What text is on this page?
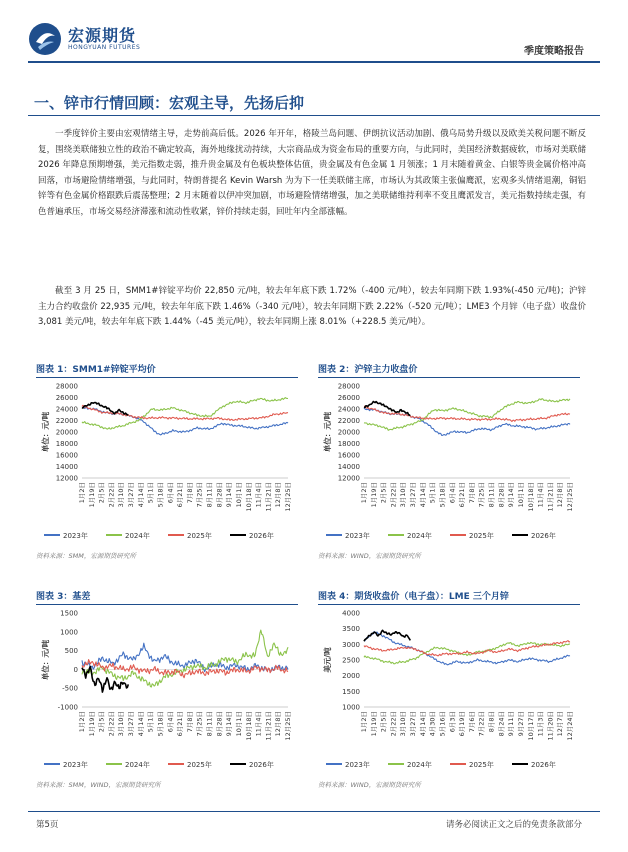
宏源期货
HONGYUAN FUTURES	季度策略报告
一、锌市行情回顾：宏观主导，先扬后抑
一季度锌价主要由宏观情绪主导，走势前高后低。2026 年开年，格陵兰岛问题、伊朗抗议活动加剧、俄乌局势升级以及欧美关税问题不断反复，围绕美联储独立性的政治不确定较高，海外地缘扰动持续，大宗商品成为资金布局的重要方向，与此同时，美国经济数据疲软，市场对美联储 2026 年降息预期增强，美元指数走弱，推升贵金属及有色板块整体估值，贵金属及有色金属 1 月领涨；1 月末随着黄金、白银等贵金属价格冲高回落，市场避险情绪增强，与此同时，特朗普提名 Kevin Warsh 为为下一任美联储主席，市场认为其政策主张偏鹰派，宏观多头情绪退潮，铜铝锌等有色金属价格跟跌后震荡整理；2 月末随着以伊冲突加剧，市场避险情绪增强，加之美联储维持利率不变且鹰派发言，美元指数持续走强，有色普遍承压，市场交易经济滞涨和流动性收紧，锌价持续走弱，回吐年内全部涨幅。
截至 3 月 25 日，SMM1#锌锭平均价 22,850 元/吨，较去年年底下跌 1.72%（-400 元/吨），较去年同期下跌 1.93%(-450 元/吨)；沪锌主力合约收盘价 22,935 元/吨，较去年年底下跌 1.46%（-340 元/吨），较去年同期下跌 2.22%（-520 元/吨）；LME3 个月锌（电子盘）收盘价 3,081 美元/吨，较去年年底下跌 1.44%（-45 美元/吨），较去年同期上涨 8.01%（+228.5 美元/吨）。
图表 1：SMM1#锌锭平均价
12000
14000
16000
18000
20000
22000
24000
26000
28000
单位：元/吨
1月2日 1月19日 2月5日 2月22日 3月10日 3月27日 4月14日 5月1日 5月18日 6月4日 6月21日 7月8日 7月25日 8月11日 8月28日 9月14日 10月1日 10月18日 11月4日 11月21日 12月8日 12月25日
2023年	2024年	2025年	2026年
资料来源：SMM，宏源期货研究所
图表 2：沪锌主力收盘价
12000
14000
16000
18000
20000
22000
24000
26000
28000
单位：元/吨
1月2日 1月19日 2月5日 2月22日 3月10日 3月27日 4月14日 5月1日 5月18日 6月4日 6月21日 7月8日 7月25日 8月11日 8月28日 9月14日 10月1日 10月18日 11月4日 11月21日 12月8日 12月25日
2023年	2024年	2025年	2026年
资料来源：WIND，宏源期货研究所
图表 3：基差
-1000
-500
0
500
1000
1500
单位：元/吨
1月2日 1月19日 2月5日 2月22日 3月10日 3月27日 4月14日 5月1日 5月18日 6月4日 6月21日 7月8日 7月25日 8月11日 8月28日 9月14日 10月1日 10月18日 11月4日 11月21日 12月8日 12月25日
2023年	2024年	2025年	2026年
资料来源：SMM，WIND，宏源期货研究所
图表 4：期货收盘价（电子盘）：LME 三个月锌
1000
1500
2000
2500
3000
3500
4000
美元/吨
1月2日 1月19日 2月5日 2月22日 3月10日 3月27日 4月14日 4月30日 5月16日 6月3日 6月19日 7月6日 7月22日 8月8日 8月24日 9月11日 9月27日 10月17日 11月3日 11月20日 12月7日 12月24日
2023年	2024年	2025年	2026年
资料来源：WIND，宏源期货研究所
第5页	请务必阅读正文之后的免责条款部分
